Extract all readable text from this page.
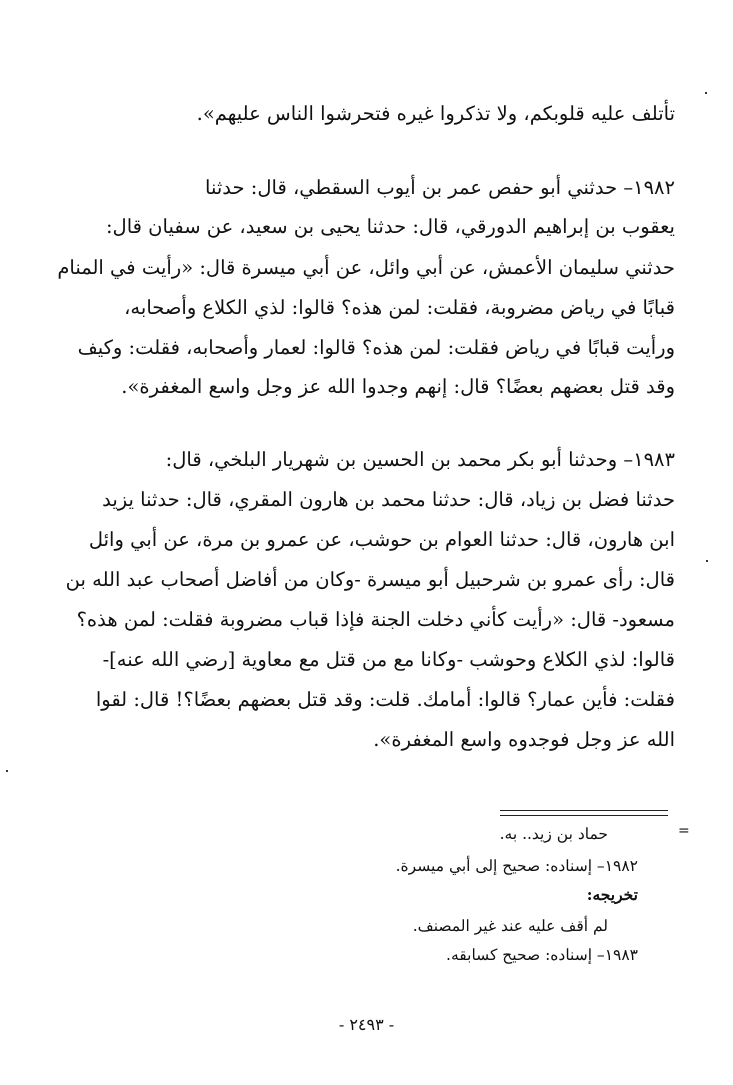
تأتلف عليه قلوبكم، ولا تذكروا غيره فتحرشوا الناس عليهم».
١٩٨٢– حدثني أبو حفص عمر بن أيوب السقطي، قال: حدثنا
يعقوب بن إبراهيم الدورقي، قال: حدثنا يحيى بن سعيد، عن سفيان قال:
حدثني سليمان الأعمش، عن أبي وائل، عن أبي ميسرة قال: «رأيت في المنام
قبابًا في رياض مضروبة، فقلت: لمن هذه؟ قالوا: لذي الكلاع وأصحابه،
ورأيت قبابًا في رياض فقلت: لمن هذه؟ قالوا: لعمار وأصحابه، فقلت: وكيف
وقد قتل بعضهم بعضًا؟ قال: إنهم وجدوا الله عز وجل واسع المغفرة».
١٩٨٣– وحدثنا أبو بكر محمد بن الحسين بن شهريار البلخي، قال:
حدثنا فضل بن زياد، قال: حدثنا محمد بن هارون المقري، قال: حدثنا يزيد
ابن هارون، قال: حدثنا العوام بن حوشب، عن عمرو بن مرة، عن أبي وائل
قال: رأى عمرو بن شرحبيل أبو ميسرة -وكان من أفاضل أصحاب عبد الله بن
مسعود- قال: «رأيت كأني دخلت الجنة فإذا قباب مضروبة فقلت: لمن هذه؟
قالوا: لذي الكلاع وحوشب -وكانا مع من قتل مع معاوية [رضي الله عنه]-
فقلت: فأين عمار؟ قالوا: أمامك. قلت: وقد قتل بعضهم بعضًا؟! قال: لقوا
الله عز وجل فوجدوه واسع المغفرة».
=
حماد بن زيد.. به.
١٩٨٢– إسناده: صحيح إلى أبي ميسرة.
تخريجه:
لم أقف عليه عند غير المصنف.
١٩٨٣– إسناده: صحيح كسابقه.
- ٢٤٩٣ -
